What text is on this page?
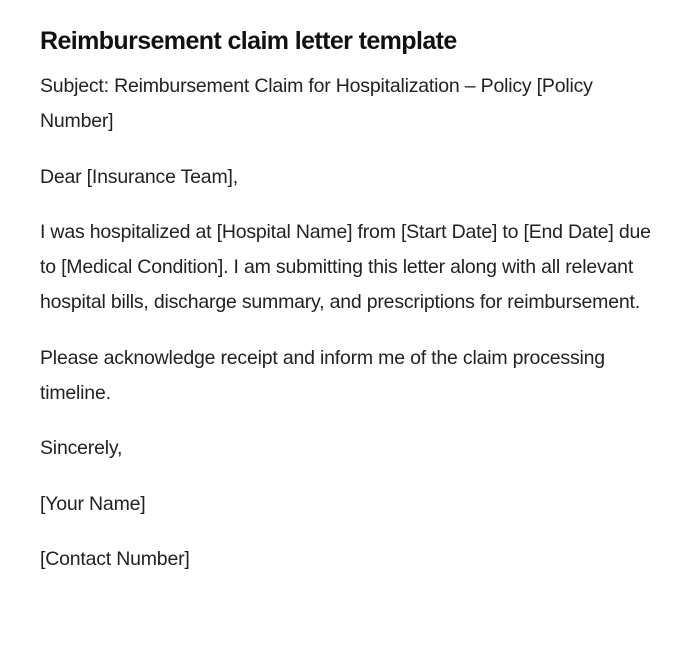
Reimbursement claim letter template

Subject: Reimbursement Claim for Hospitalization – Policy [Policy Number]

Dear [Insurance Team],

I was hospitalized at [Hospital Name] from [Start Date] to [End Date] due to [Medical Condition]. I am submitting this letter along with all relevant hospital bills, discharge summary, and prescriptions for reimbursement.

Please acknowledge receipt and inform me of the claim processing timeline.

Sincerely,

[Your Name]

[Contact Number]
